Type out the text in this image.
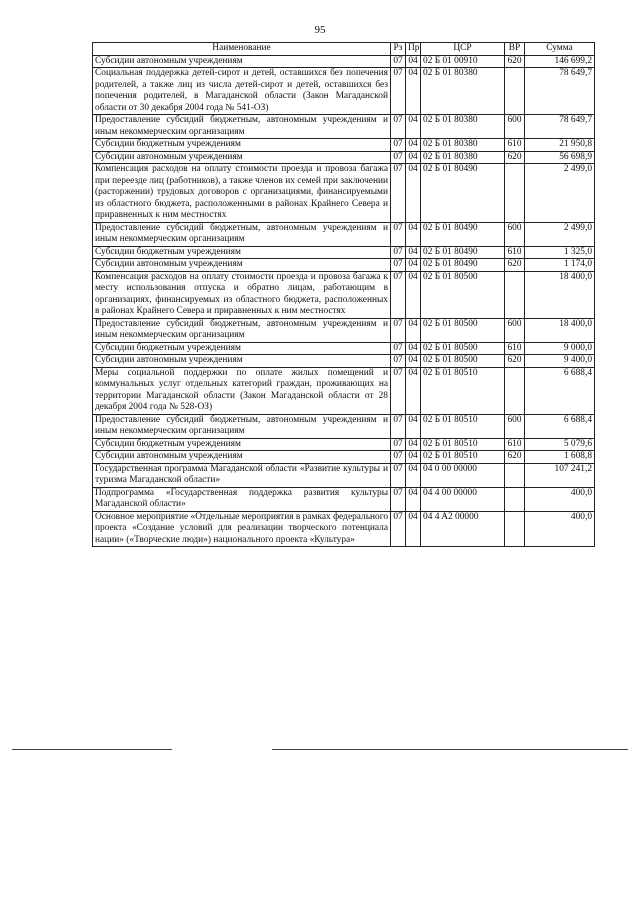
95
Наименование	Рз	Пр	ЦСР	ВР	Сумма
Субсидии автономным учреждениям	07	04	02 Б 01 00910	620	146 699,2
Социальная поддержка детей-сирот и детей, оставшихся без попечения родителей, а также лиц из числа детей-сирот и детей, оставшихся без попечения родителей, в Магаданской области (Закон Магаданской области от 30 декабря 2004 года № 541-ОЗ)	07	04	02 Б 01 80380		78 649,7
Предоставление субсидий бюджетным, автономным учреждениям и иным некоммерческим организациям	07	04	02 Б 01 80380	600	78 649,7
Субсидии бюджетным учреждениям	07	04	02 Б 01 80380	610	21 950,8
Субсидии автономным учреждениям	07	04	02 Б 01 80380	620	56 698,9
Компенсация расходов на оплату стоимости проезда и провоза багажа при переезде лиц (работников), а также членов их семей при заключении (расторжении) трудовых договоров с организациями, финансируемыми из областного бюджета, расположенными в районах Крайнего Севера и приравненных к ним местностях	07	04	02 Б 01 80490		2 499,0
Предоставление субсидий бюджетным, автономным учреждениям и иным некоммерческим организациям	07	04	02 Б 01 80490	600	2 499,0
Субсидии бюджетным учреждениям	07	04	02 Б 01 80490	610	1 325,0
Субсидии автономным учреждениям	07	04	02 Б 01 80490	620	1 174,0
Компенсация расходов на оплату стоимости проезда и провоза багажа к месту использования отпуска и обратно лицам, работающим в организациях, финансируемых из областного бюджета, расположенных в районах Крайнего Севера и приравненных к ним местностях	07	04	02 Б 01 80500		18 400,0
Предоставление субсидий бюджетным, автономным учреждениям и иным некоммерческим организациям	07	04	02 Б 01 80500	600	18 400,0
Субсидии бюджетным учреждениям	07	04	02 Б 01 80500	610	9 000,0
Субсидии автономным учреждениям	07	04	02 Б 01 80500	620	9 400,0
Меры социальной поддержки по оплате жилых помещений и коммунальных услуг отдельных категорий граждан, проживающих на территории Магаданской области (Закон Магаданской области от 28 декабря 2004 года № 528-ОЗ)	07	04	02 Б 01 80510		6 688,4
Предоставление субсидий бюджетным, автономным учреждениям и иным некоммерческим организациям	07	04	02 Б 01 80510	600	6 688,4
Субсидии бюджетным учреждениям	07	04	02 Б 01 80510	610	5 079,6
Субсидии автономным учреждениям	07	04	02 Б 01 80510	620	1 608,8
Государственная программа Магаданской области «Развитие культуры и туризма Магаданской области»	07	04	04 0 00 00000		107 241,2
Подпрограмма «Государственная поддержка развития культуры Магаданской области»	07	04	04 4 00 00000		400,0
Основное мероприятие «Отдельные мероприятия в рамках федерального проекта «Создание условий для реализации творческого потенциала нации» («Творческие люди») национального проекта «Культура»	07	04	04 4 A2 00000		400,0
